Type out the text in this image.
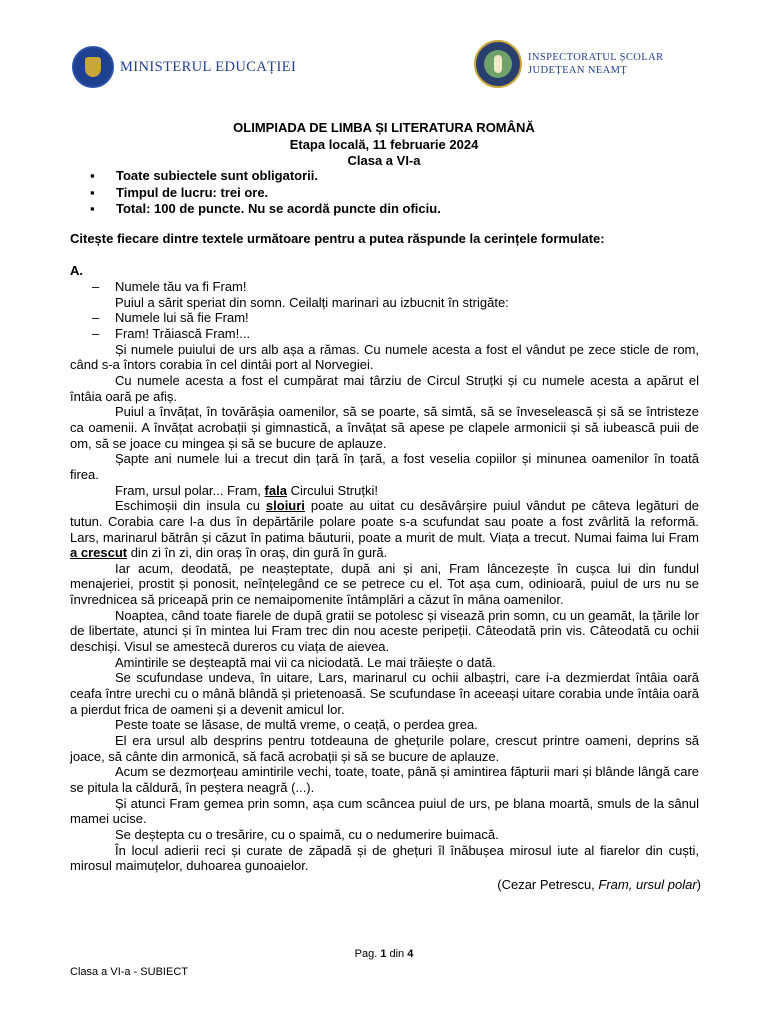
MINISTERUL EDUCAȚIEI
INSPECTORATUL ȘCOLAR
JUDEȚEAN NEAMȚ
OLIMPIADA DE LIMBA ȘI LITERATURA ROMÂNĂ
Etapa locală, 11 februarie 2024
Clasa a VI-a
▪ Toate subiectele sunt obligatorii.
▪ Timpul de lucru: trei ore.
▪ Total: 100 de puncte. Nu se acordă puncte din oficiu.
Citește fiecare dintre textele următoare pentru a putea răspunde la cerințele formulate:
A.

– Numele tău va fi Fram!

Puiul a sărit speriat din somn. Ceilalți marinari au izbucnit în strigăte:

– Numele lui să fie Fram!

– Fram! Trăiască Fram!...

Și numele puiului de urs alb așa a rămas. Cu numele acesta a fost el vândut pe zece sticle de rom, când s-a întors corabia în cel dintâi port al Norvegiei.

Cu numele acesta a fost el cumpărat mai târziu de Circul Struțki și cu numele acesta a apărut el întâia oară pe afiș.

Puiul a învățat, în tovărășia oamenilor, să se poarte, să simtă, să se înveselească și să se întristeze ca oamenii. A învățat acrobații și gimnastică, a învățat să apese pe clapele armonicii și să iubească puii de om, să se joace cu mingea și să se bucure de aplauze.

Șapte ani numele lui a trecut din țară în țară, a fost veselia copiilor și minunea oamenilor în toată firea.

Fram, ursul polar... Fram, fala Circului Struțki!

Eschimoșii din insula cu sloiuri poate au uitat cu desăvârșire puiul vândut pe câteva legături de tutun. Corabia care l-a dus în depărtările polare poate s-a scufundat sau poate a fost zvârlită la reformă. Lars, marinarul bătrân și căzut în patima băuturii, poate a murit de mult. Viața a trecut. Numai faima lui Fram a crescut din zi în zi, din oraș în oraș, din gură în gură.

Iar acum, deodată, pe neașteptate, după ani și ani, Fram lâncezește în cușca lui din fundul menajeriei, prostit și ponosit, neînțelegând ce se petrece cu el. Tot așa cum, odinioară, puiul de urs nu se învrednicea să priceapă prin ce nemaipomenite întâmplări a căzut în mâna oamenilor.

Noaptea, când toate fiarele de după gratii se potolesc și visează prin somn, cu un geamăt, la țările lor de libertate, atunci și în mintea lui Fram trec din nou aceste peripeții. Câteodată prin vis. Câteodată cu ochii deschiși. Visul se amestecă dureros cu viața de aievea.

Amintirile se deșteaptă mai vii ca niciodată. Le mai trăiește o dată.

Se scufundase undeva, în uitare, Lars, marinarul cu ochii albaștri, care i-a dezmierdat întâia oară ceafa între urechi cu o mână blândă și prietenoasă. Se scufundase în aceeași uitare corabia unde întâia oară a pierdut frica de oameni și a devenit amicul lor.

Peste toate se lăsase, de multă vreme, o ceață, o perdea grea.

El era ursul alb desprins pentru totdeauna de ghețurile polare, crescut printre oameni, deprins să joace, să cânte din armonică, să facă acrobații și să se bucure de aplauze.

Acum se dezmorțeau amintirile vechi, toate, toate, până și amintirea făpturii mari și blânde lângă care se pitula la căldură, în peștera neagră (...).

Și atunci Fram gemea prin somn, așa cum scâncea puiul de urs, pe blana moartă, smuls de la sânul mamei ucise.

Se deștepta cu o tresărire, cu o spaimă, cu o nedumerire buimacă.

În locul adierii reci și curate de zăpadă și de ghețuri îl înăbușea mirosul iute al fiarelor din cuști, mirosul maimuțelor, duhoarea gunoaielor.

(Cezar Petrescu, Fram, ursul polar)
Pag. 1 din 4
Clasa a VI-a - SUBIECT
